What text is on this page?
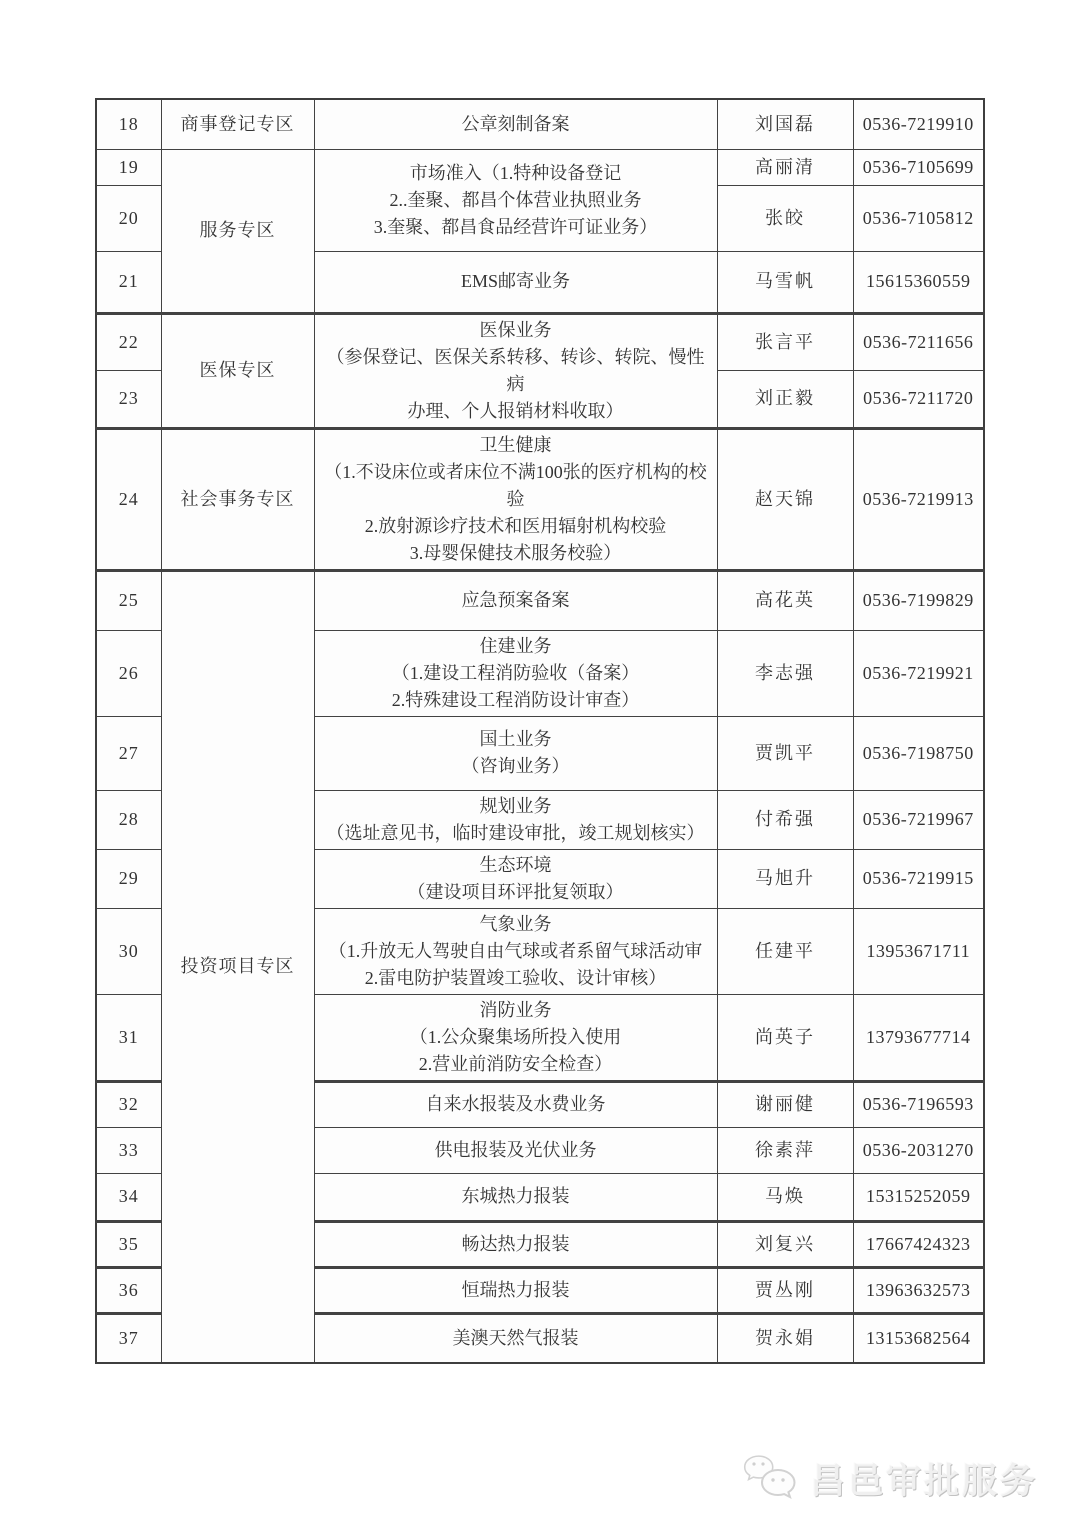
18	商事登记专区	公章刻制备案	刘国磊	0536-7219910
19	服务专区	市场准入（1.特种设备登记
2..奎聚、都昌个体营业执照业务
3.奎聚、都昌食品经营许可证业务）	高丽清	0536-7105699
20			张皎	0536-7105812
21		EMS邮寄业务	马雪帆	15615360559
22	医保专区	医保业务
（参保登记、医保关系转移、转诊、转院、慢性病
办理、个人报销材料收取）	张言平	0536-7211656
23			刘正毅	0536-7211720
24	社会事务专区	卫生健康
（1.不设床位或者床位不满100张的医疗机构的校验
2.放射源诊疗技术和医用辐射机构校验
3.母婴保健技术服务校验）	赵天锦	0536-7219913
25	投资项目专区	应急预案备案	高花英	0536-7199829
26		住建业务
（1.建设工程消防验收（备案）
2.特殊建设工程消防设计审查）	李志强	0536-7219921
27		国土业务
（咨询业务）	贾凯平	0536-7198750
28		规划业务
（选址意见书，临时建设审批，竣工规划核实）	付希强	0536-7219967
29		生态环境
（建设项目环评批复领取）	马旭升	0536-7219915
30		气象业务
（1.升放无人驾驶自由气球或者系留气球活动审
2.雷电防护装置竣工验收、设计审核）	任建平	13953671711
31		消防业务
（1.公众聚集场所投入使用
2.营业前消防安全检查）	尚英子	13793677714
32		自来水报装及水费业务	谢丽健	0536-7196593
33		供电报装及光伏业务	徐素萍	0536-2031270
34		东城热力报装	马焕	15315252059
35		畅达热力报装	刘复兴	17667424323
36		恒瑞热力报装	贾丛刚	13963632573
37		美澳天然气报装	贺永娟	13153682564
昌邑审批服务
